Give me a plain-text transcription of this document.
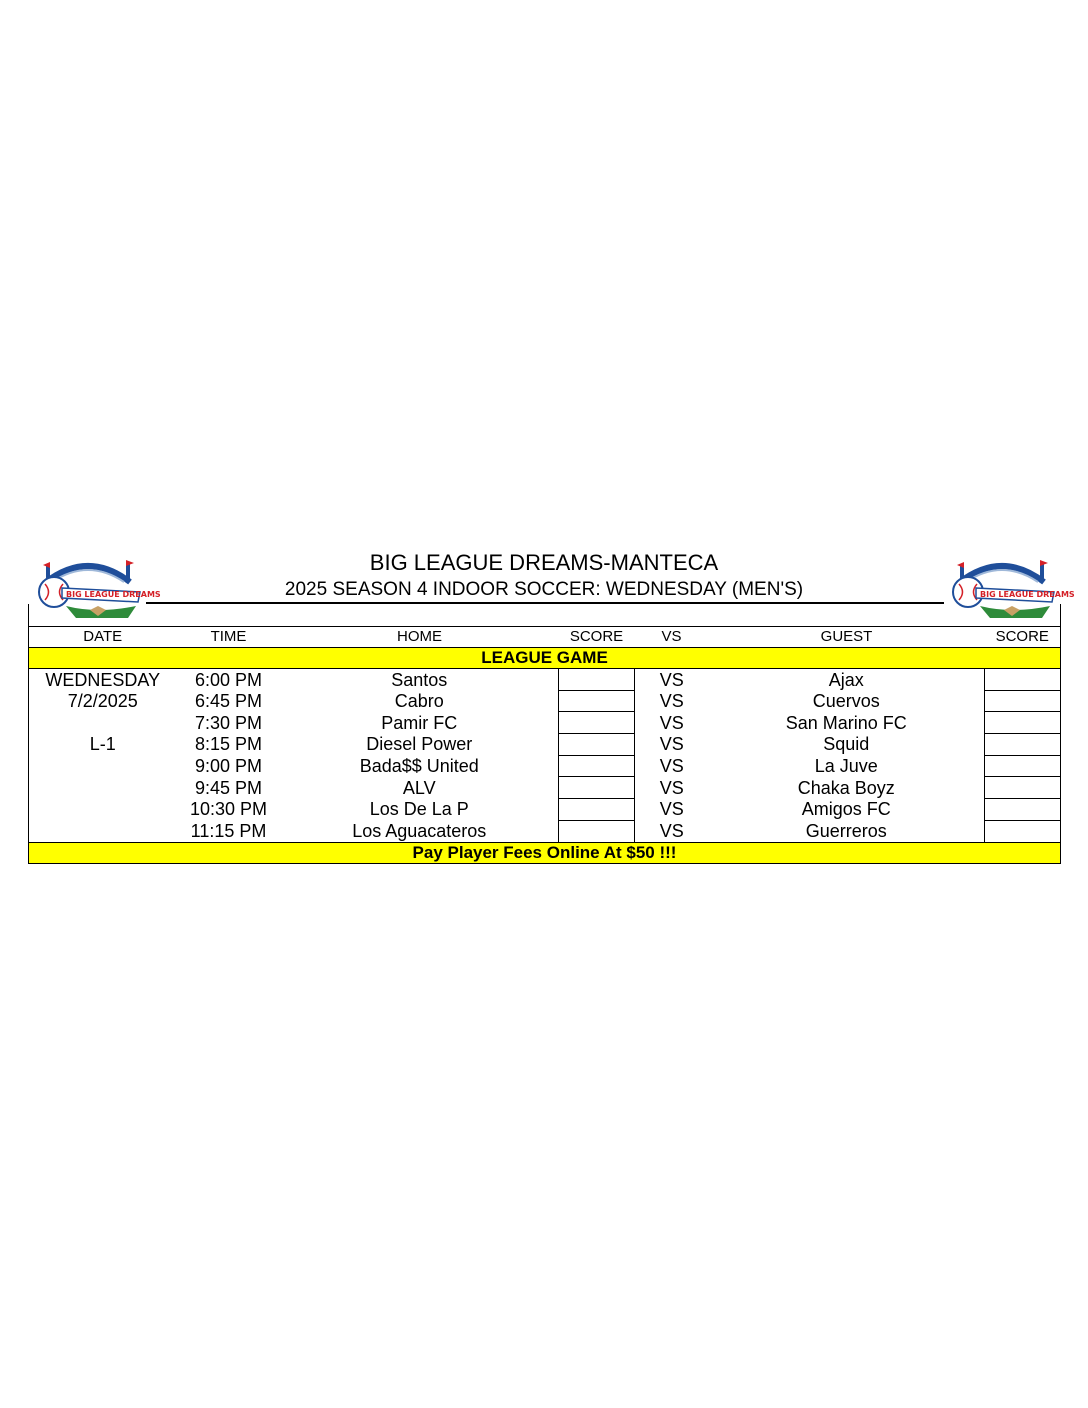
BIG LEAGUE DREAMS	BIG LEAGUE DREAMS
BIG LEAGUE DREAMS-MANTECA
2025 SEASON 4 INDOOR SOCCER: WEDNESDAY (MEN'S)

DATE	TIME	HOME	SCORE	VS	GUEST	SCORE
LEAGUE GAME						
WEDNESDAY	6:00 PM	Santos		VS	Ajax	
7/2/2025	6:45 PM	Cabro		VS	Cuervos	
	7:30 PM	Pamir FC		VS	San Marino FC	
L-1	8:15 PM	Diesel Power		VS	Squid	
	9:00 PM	Bada$$ United		VS	La Juve	
	9:45 PM	ALV		VS	Chaka Boyz	
	10:30 PM	Los De La P		VS	Amigos FC	
	11:15 PM	Los Aguacateros		VS	Guerreros	
Pay Player Fees Online At $50 !!!						
